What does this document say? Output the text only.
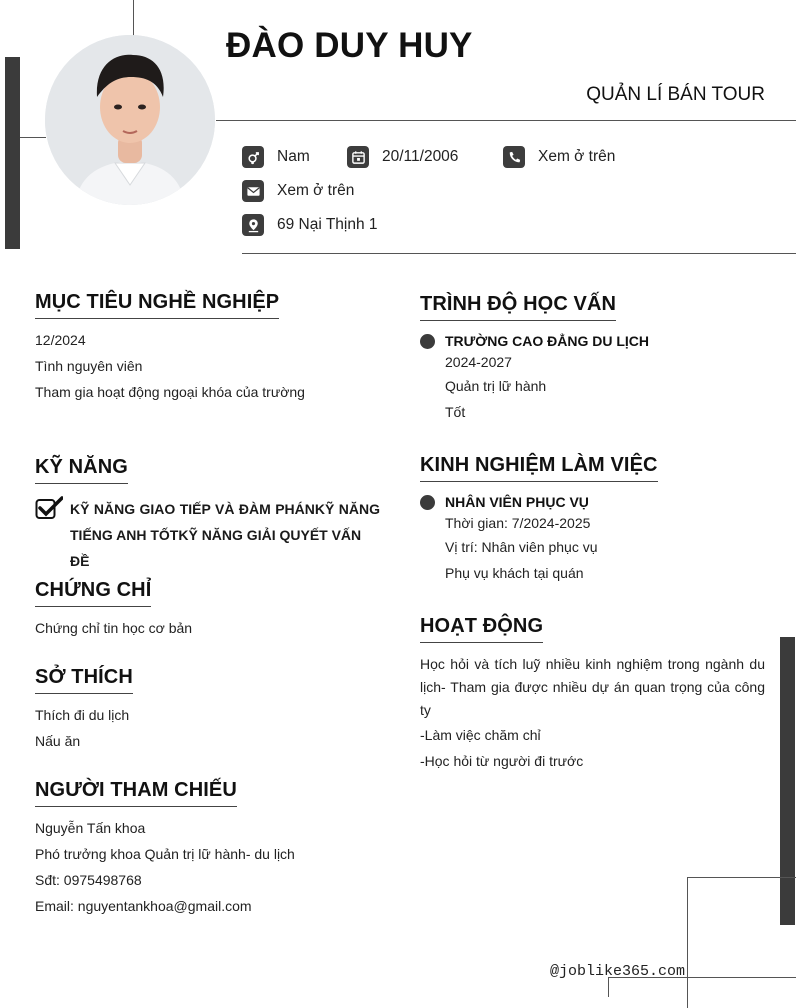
ĐÀO DUY HUY
QUẢN LÍ BÁN TOUR
Nam	20/11/2006	Xem ở trên
Xem ở trên
69 Nại Thịnh 1
MỤC TIÊU NGHỀ NGHIỆP
12/2024
Tình nguyên viên
Tham gia hoạt động ngoại khóa của trường
KỸ NĂNG
KỸ NĂNG GIAO TIẾP VÀ ĐÀM PHÁNKỸ NĂNG
TIẾNG ANH TỐTKỸ NĂNG GIẢI QUYẾT VẤN ĐỀ
CHỨNG CHỈ
Chứng chỉ tin học cơ bản
SỞ THÍCH
Thích đi du lịch
Nấu ăn
NGƯỜI THAM CHIẾU
Nguyễn Tấn khoa
Phó trưởng khoa Quản trị lữ hành- du lịch
Sđt: 0975498768
Email: nguyentankhoa@gmail.com
TRÌNH ĐỘ HỌC VẤN
TRƯỜNG CAO ĐẲNG DU LỊCH
2024-2027
Quản trị lữ hành
Tốt
KINH NGHIỆM LÀM VIỆC
NHÂN VIÊN PHỤC VỤ
Thời gian: 7/2024-2025
Vị trí: Nhân viên phục vụ
Phụ vụ khách tại quán
HOẠT ĐỘNG
Học hỏi và tích luỹ nhiều kinh nghiệm trong ngành du
lịch- Tham gia được nhiều dự án quan trọng của công ty
-Làm việc chăm chỉ
-Học hỏi từ người đi trước
@joblike365.com
